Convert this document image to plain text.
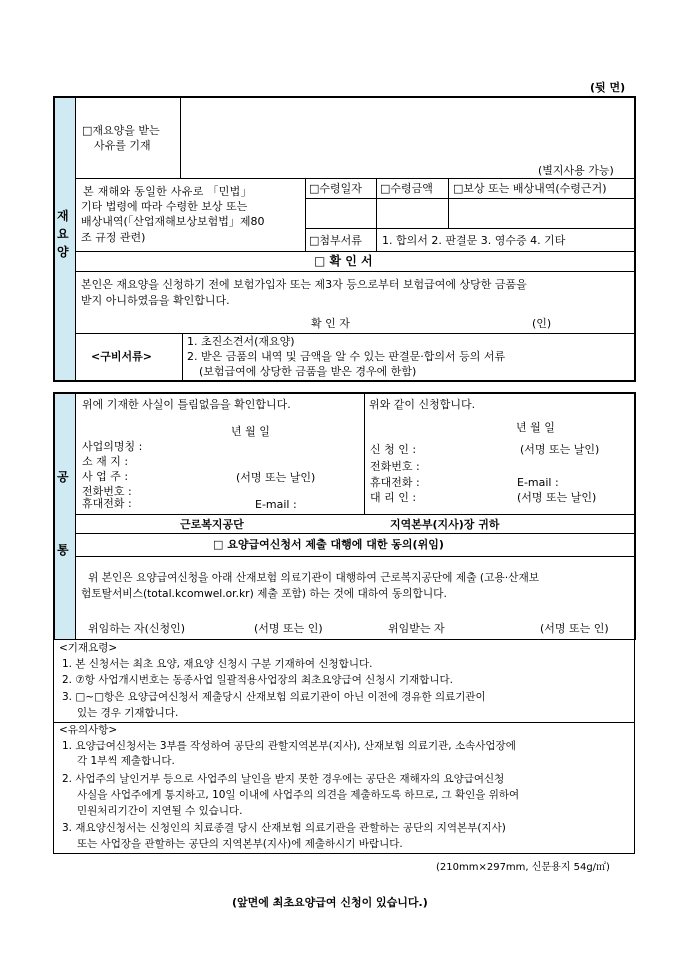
(뒷 면)
재
요
양
□재요양을 받는
사유를 기재
(별지사용 가능)
본 재해와 동일한 사유로 「민법」
기타 법령에 따라 수령한 보상 또는
배상내역(「산업재해보상보험법」제80
조 규정 관련)
□수령일자 □수령금액 □보상 또는 배상내역(수령근거)
□첨부서류 1. 합의서 2. 판결문 3. 영수증 4. 기타
□ 확 인 서
본인은 재요양을 신청하기 전에 보험가입자 또는 제3자 등으로부터 보험급여에 상당한 금품을
받지 아니하였음을 확인합니다.
확 인 자	(인)
<구비서류>
1. 초진소견서(재요양)
2. 받은 금품의 내역 및 금액을 알 수 있는 판결문·합의서 등의 서류
(보험급여에 상당한 금품을 받은 경우에 한함)
공
통
위에 기재한 사실이 틀림없음을 확인합니다.
년 월 일
사업의명칭 :
소 재 지 :
사 업 주 :	(서명 또는 날인)
전화번호 :
휴대전화 :	E-mail :
위와 같이 신청합니다.
년 월 일
신 청 인 :	(서명 또는 날인)
전화번호 :
휴대전화 :	E-mail :
대 리 인 :	(서명 또는 날인)
근로복지공단	지역본부(지사)장 귀하
□ 요양급여신청서 제출 대행에 대한 동의(위임)
위 본인은 요양급여신청을 아래 산재보험 의료기관이 대행하여 근로복지공단에 제출 (고용·산재보
험토탈서비스(total.kcomwel.or.kr) 제출 포함) 하는 것에 대하여 동의합니다.
위임하는 자(신청인)	(서명 또는 인)	위임받는 자	(서명 또는 인)
<기재요령>
1. 본 신청서는 최초 요양, 재요양 신청시 구분 기재하여 신청합니다.
2. ⑦항 사업개시번호는 동종사업 일괄적용사업장의 최초요양급여 신청시 기재합니다.
3. □~□항은 요양급여신청서 제출당시 산재보험 의료기관이 아닌 이전에 경유한 의료기관이
있는 경우 기재합니다.
<유의사항>
1. 요양급여신청서는 3부를 작성하여 공단의 관할지역본부(지사), 산재보험 의료기관, 소속사업장에
각 1부씩 제출합니다.
2. 사업주의 날인거부 등으로 사업주의 날인을 받지 못한 경우에는 공단은 재해자의 요양급여신청
사실을 사업주에게 통지하고, 10일 이내에 사업주의 의견을 제출하도록 하므로, 그 확인을 위하여
민원처리기간이 지연될 수 있습니다.
3. 재요양신청서는 신청인의 치료종결 당시 산재보험 의료기관을 관할하는 공단의 지역본부(지사)
또는 사업장을 관할하는 공단의 지역본부(지사)에 제출하시기 바랍니다.
(210mm×297mm, 신문용지 54g/㎡)
(앞면에 최초요양급여 신청이 있습니다.)
